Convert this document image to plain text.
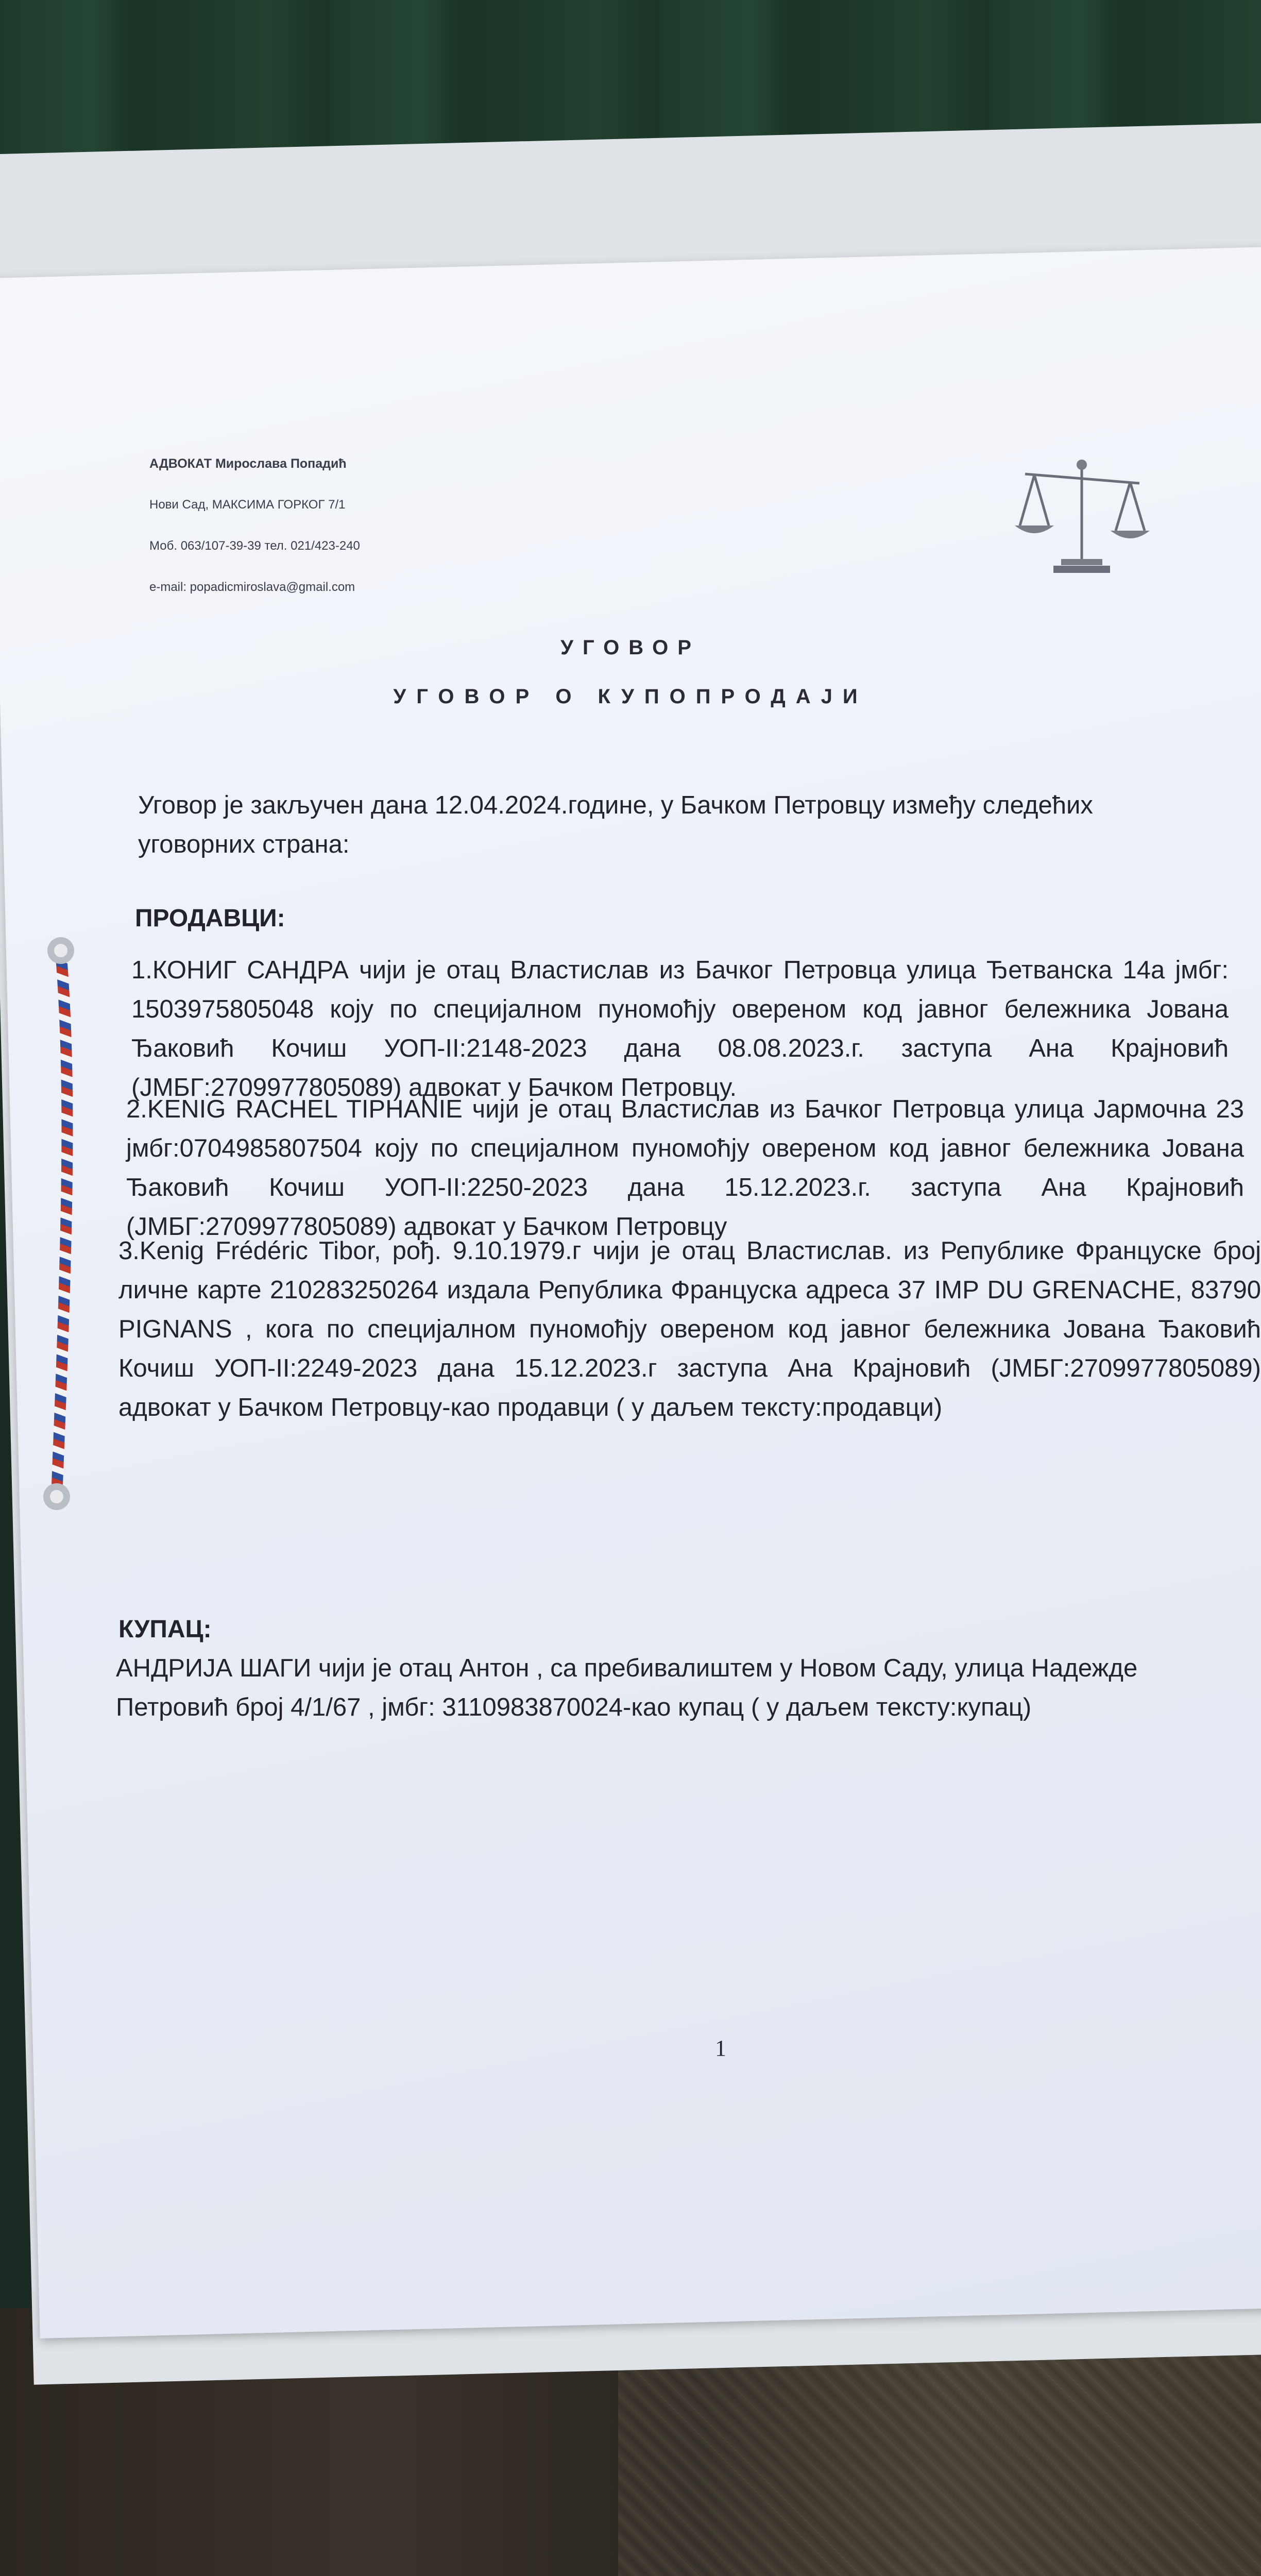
АДВОКАТ Мирослава Попадић
Нови Сад, МАКСИМА ГОРКОГ 7/1
Моб. 063/107-39-39 тел. 021/423-240
e-mail: popadicmiroslava@gmail.com
УГОВОР
УГОВОР О КУПОПРОДАЈИ
Уговор је закључен дана 12.04.2024.године, у Бачком Петровцу између следећих уговорних страна:
ПРОДАВЦИ:
1.КОНИГ САНДРА чији је отац Властислав из Бачког Петровца улица Ђетванска 14а јмбг: 1503975805048 коју по специјалном пуномоћју овереном код јавног бележника Јована Ђаковић Кочиш УОП-II:2148-2023 дана 08.08.2023.г. заступа Ана Крајновић (ЈМБГ:2709977805089) адвокат у Бачком Петровцу.
2.KENIG RACHEL TIPHANIE чији је отац Властислав из Бачког Петровца улица Јармочна 23 јмбг:0704985807504 коју по специјалном пуномоћју овереном код јавног бележника Јована Ђаковић Кочиш УОП-II:2250-2023 дана 15.12.2023.г. заступа Ана Крајновић (ЈМБГ:2709977805089) адвокат у Бачком Петровцу
3.Kenig Frédéric Tibor, рођ. 9.10.1979.г чији је отац Властислав. из Републике Француске број личне карте 210283250264 издала Република Француска адреса 37 IMP DU GRENACHE, 83790 PIGNANS , кога по специјалном пуномоћју овереном код јавног бележника Јована Ђаковић Кочиш УОП-II:2249-2023 дана 15.12.2023.г заступа Ана Крајновић (ЈМБГ:2709977805089) адвокат у Бачком Петровцу-као продавци ( у даљем тексту:продавци)
КУПАЦ:
АНДРИЈА ШАГИ чији је отац Антон , са пребивалиштем у Новом Саду, улица Надежде Петровић број 4/1/67 , јмбг: 3110983870024-као купац ( у даљем тексту:купац)
1
